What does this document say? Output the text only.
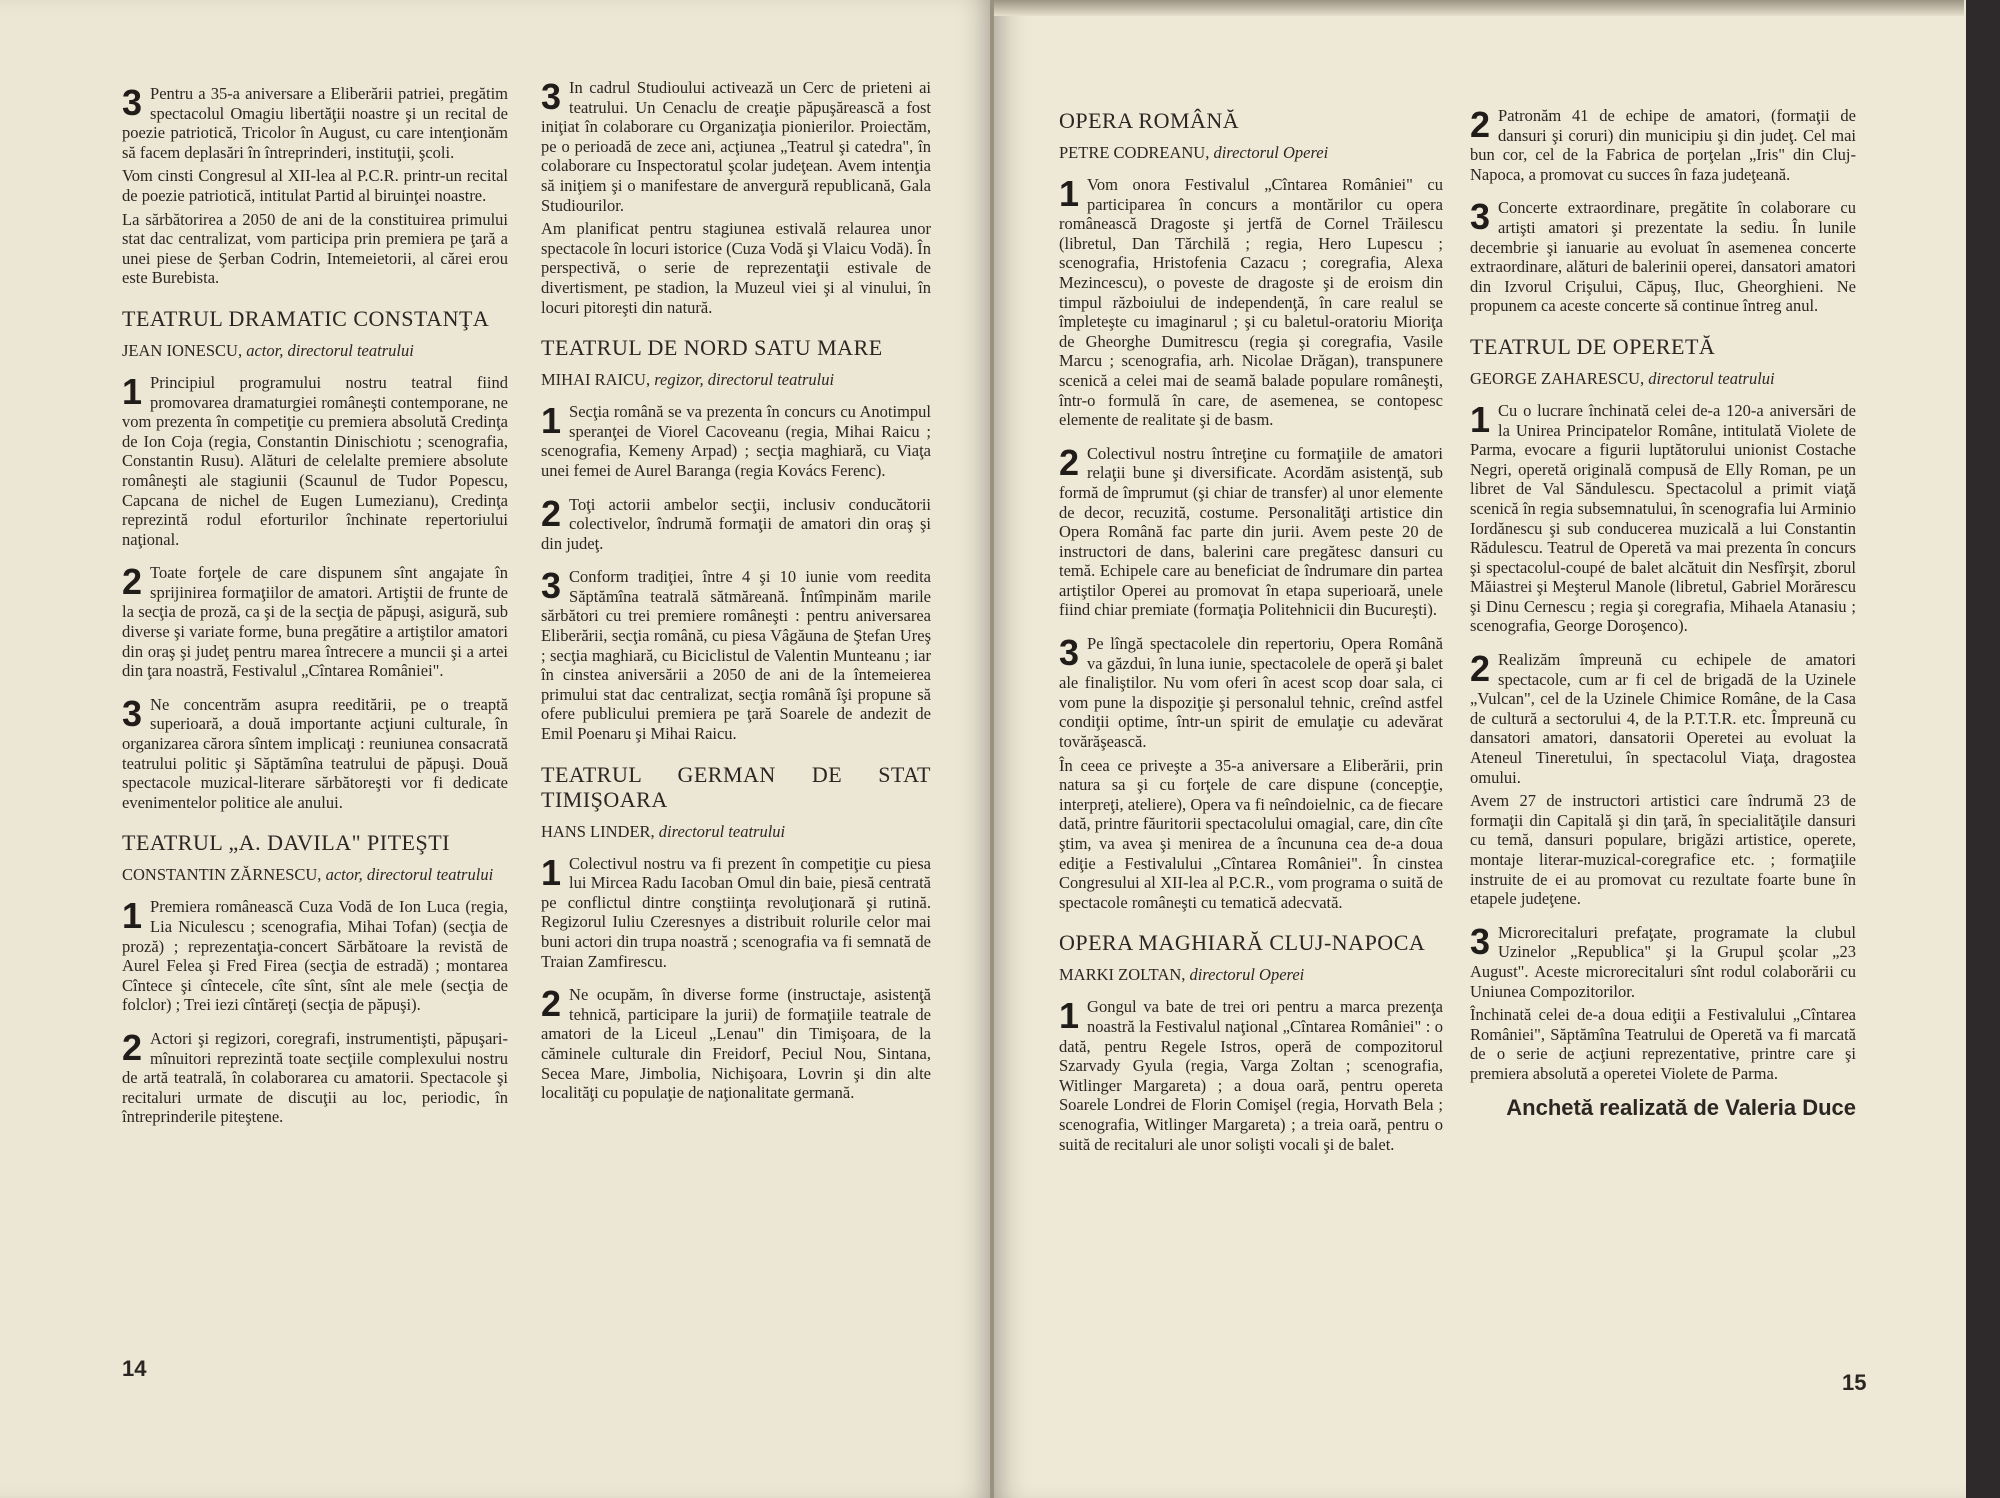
3 Pentru a 35-a aniversare a Eliberării patriei, pregătim spectacolul Omagiu libertăţii noastre şi un recital de poezie patriotică, Tricolor în August, cu care intenţionăm să facem deplasări în întreprinderi, instituţii, şcoli.

Vom cinsti Congresul al XII-lea al P.C.R. printr-un recital de poezie patriotică, intitulat Partid al biruinţei noastre.

La sărbătorirea a 2050 de ani de la constituirea primului stat dac centralizat, vom participa prin premiera pe ţară a unei piese de Şerban Codrin, Intemeietorii, al cărei erou este Burebista.

TEATRUL DRAMATIC CONSTANŢA
JEAN IONESCU, actor, directorul teatrului
1 Principiul programului nostru teatral fiind promovarea dramaturgiei româneşti contemporane, ne vom prezenta în competiţie cu premiera absolută Credinţa de Ion Coja (regia, Constantin Dinischiotu ; scenografia, Constantin Rusu). Alături de celelalte premiere absolute româneşti ale stagiunii (Scaunul de Tudor Popescu, Capcana de nichel de Eugen Lumezianu), Credinţa reprezintă rodul eforturilor închinate repertoriului naţional.

2 Toate forţele de care dispunem sînt angajate în sprijinirea formaţiilor de amatori. Artiştii de frunte de la secţia de proză, ca şi de la secţia de păpuşi, asigură, sub diverse şi variate forme, buna pregătire a artiştilor amatori din oraş şi judeţ pentru marea întrecere a muncii şi a artei din ţara noastră, Festivalul „Cîntarea României".

3 Ne concentrăm asupra reeditării, pe o treaptă superioară, a două importante acţiuni culturale, în organizarea cărora sîntem implicaţi : reuniunea consacrată teatrului politic şi Săptămîna teatrului de păpuşi. Două spectacole muzical-literare sărbătoreşti vor fi dedicate evenimentelor politice ale anului.

TEATRUL „A. DAVILA" PITEŞTI
CONSTANTIN ZĂRNESCU, actor, directorul teatrului
1 Premiera românească Cuza Vodă de Ion Luca (regia, Lia Niculescu ; scenografia, Mihai Tofan) (secţia de proză) ; reprezentaţia-concert Sărbătoare la revistă de Aurel Felea şi Fred Firea (secţia de estradă) ; montarea Cîntece şi cîntecele, cîte sînt, sînt ale mele (secţia de folclor) ; Trei iezi cîntăreţi (secţia de păpuşi).

2 Actori şi regizori, coregrafi, instrumentişti, păpuşari-mînuitori reprezintă toate secţiile complexului nostru de artă teatrală, în colaborarea cu amatorii. Spectacole şi recitaluri urmate de discuţii au loc, periodic, în întreprinderile piteştene.

3 In cadrul Studioului activează un Cerc de prieteni ai teatrului. Un Cenaclu de creaţie păpuşărească a fost iniţiat în colaborare cu Organizaţia pionierilor. Proiectăm, pe o perioadă de zece ani, acţiunea „Teatrul şi catedra", în colaborare cu Inspectoratul şcolar judeţean. Avem intenţia să iniţiem şi o manifestare de anvergură republicană, Gala Studiourilor.

Am planificat pentru stagiunea estivală relaurea unor spectacole în locuri istorice (Cuza Vodă şi Vlaicu Vodă). În perspectivă, o serie de reprezentaţii estivale de divertisment, pe stadion, la Muzeul viei şi al vinului, în locuri pitoreşti din natură.

TEATRUL DE NORD SATU MARE
MIHAI RAICU, regizor, directorul teatrului
1 Secţia română se va prezenta în concurs cu Anotimpul speranţei de Viorel Cacoveanu (regia, Mihai Raicu ; scenografia, Kemeny Arpad) ; secţia maghiară, cu Viaţa unei femei de Aurel Baranga (regia Kovács Ferenc).

2 Toţi actorii ambelor secţii, inclusiv conducătorii colectivelor, îndrumă formaţii de amatori din oraş şi din judeţ.

3 Conform tradiţiei, între 4 şi 10 iunie vom reedita Săptămîna teatrală sătmăreană. Întîmpinăm marile sărbători cu trei premiere româneşti : pentru aniversarea Eliberării, secţia română, cu piesa Vâgăuna de Ştefan Ureş ; secţia maghiară, cu Biciclistul de Valentin Munteanu ; iar în cinstea aniversării a 2050 de ani de la întemeierea primului stat dac centralizat, secţia română îşi propune să ofere publicului premiera pe ţară Soarele de andezit de Emil Poenaru şi Mihai Raicu.

TEATRUL GERMAN DE STAT TIMIŞOARA
HANS LINDER, directorul teatrului
1 Colectivul nostru va fi prezent în competiţie cu piesa lui Mircea Radu Iacoban Omul din baie, piesă centrată pe conflictul dintre conştiinţa revoluţionară şi rutină. Regizorul Iuliu Czeresnyes a distribuit rolurile celor mai buni actori din trupa noastră ; scenografia va fi semnată de Traian Zamfirescu.

2 Ne ocupăm, în diverse forme (instructaje, asistenţă tehnică, participare la jurii) de formaţiile teatrale de amatori de la Liceul „Lenau" din Timişoara, de la căminele culturale din Freidorf, Peciul Nou, Sintana, Secea Mare, Jimbolia, Nichişoara, Lovrin şi din alte localităţi cu populaţie de naţionalitate germană.

14
OPERA ROMÂNĂ
PETRE CODREANU, directorul Operei
1 Vom onora Festivalul „Cîntarea României" cu participarea în concurs a montărilor cu opera românească Dragoste şi jertfă de Cornel Trăilescu (libretul, Dan Tărchilă ; regia, Hero Lupescu ; scenografia, Hristofenia Cazacu ; coregrafia, Alexa Mezincescu), o poveste de dragoste şi de eroism din timpul războiului de independenţă, în care realul se împleteşte cu imaginarul ; şi cu baletul-oratoriu Mioriţa de Gheorghe Dumitrescu (regia şi coregrafia, Vasile Marcu ; scenografia, arh. Nicolae Drăgan), transpunere scenică a celei mai de seamă balade populare româneşti, într-o formulă în care, de asemenea, se contopesc elemente de realitate şi de basm.

2 Colectivul nostru întreţine cu formaţiile de amatori relaţii bune şi diversificate. Acordăm asistenţă, sub formă de împrumut (şi chiar de transfer) al unor elemente de decor, recuzită, costume. Personalităţi artistice din Opera Română fac parte din jurii. Avem peste 20 de instructori de dans, balerini care pregătesc dansuri cu temă. Echipele care au beneficiat de îndrumare din partea artiştilor Operei au promovat în etapa superioară, unele fiind chiar premiate (formaţia Politehnicii din Bucureşti).

3 Pe lîngă spectacolele din repertoriu, Opera Română va găzdui, în luna iunie, spectacolele de operă şi balet ale finaliştilor. Nu vom oferi în acest scop doar sala, ci vom pune la dispoziţie şi personalul tehnic, creînd astfel condiţii optime, într-un spirit de emulaţie cu adevărat tovărăşească.

În ceea ce priveşte a 35-a aniversare a Eliberării, prin natura sa şi cu forţele de care dispune (concepţie, interpreţi, ateliere), Opera va fi neîndoielnic, ca de fiecare dată, printre făuritorii spectacolului omagial, care, din cîte ştim, va avea şi menirea de a încununa cea de-a doua ediţie a Festivalului „Cîntarea României". În cinstea Congresului al XII-lea al P.C.R., vom programa o suită de spectacole româneşti cu tematică adecvată.

OPERA MAGHIARĂ CLUJ-NAPOCA
MARKI ZOLTAN, directorul Operei
1 Gongul va bate de trei ori pentru a marca prezenţa noastră la Festivalul naţional „Cîntarea României" : o dată, pentru Regele Istros, operă de compozitorul Szarvady Gyula (regia, Varga Zoltan ; scenografia, Witlinger Margareta) ; a doua oară, pentru opereta Soarele Londrei de Florin Comişel (regia, Horvath Bela ; scenografia, Witlinger Margareta) ; a treia oară, pentru o suită de recitaluri ale unor solişti vocali şi de balet.

2 Patronăm 41 de echipe de amatori, (formaţii de dansuri şi coruri) din municipiu şi din judeţ. Cel mai bun cor, cel de la Fabrica de porţelan „Iris" din Cluj-Napoca, a promovat cu succes în faza judeţeană.

3 Concerte extraordinare, pregătite în colaborare cu artişti amatori şi prezentate la sediu. În lunile decembrie şi ianuarie au evoluat în asemenea concerte extraordinare, alături de balerinii operei, dansatori amatori din Izvorul Crişului, Căpuş, Iluc, Gheorghieni. Ne propunem ca aceste concerte să continue întreg anul.

TEATRUL DE OPERETĂ
GEORGE ZAHARESCU, directorul teatrului
1 Cu o lucrare închinată celei de-a 120-a aniversări de la Unirea Principatelor Române, intitulată Violete de Parma, evocare a figurii luptătorului unionist Costache Negri, operetă originală compusă de Elly Roman, pe un libret de Val Săndulescu. Spectacolul a primit viaţă scenică în regia subsemnatului, în scenografia lui Arminio Iordănescu şi sub conducerea muzicală a lui Constantin Rădulescu. Teatrul de Operetă va mai prezenta în concurs şi spectacolul-coupé de balet alcătuit din Nesfîrşit, zborul Măiastrei şi Meşterul Manole (libretul, Gabriel Morărescu şi Dinu Cernescu ; regia şi coregrafia, Mihaela Atanasiu ; scenografia, George Doroşenco).

2 Realizăm împreună cu echipele de amatori spectacole, cum ar fi cel de brigadă de la Uzinele „Vulcan", cel de la Uzinele Chimice Române, de la Casa de cultură a sectorului 4, de la P.T.T.R. etc. Împreună cu dansatori amatori, dansatorii Operetei au evoluat la Ateneul Tineretului, în spectacolul Viaţa, dragostea omului.

Avem 27 de instructori artistici care îndrumă 23 de formaţii din Capitală şi din ţară, în specialităţile dansuri cu temă, dansuri populare, brigăzi artistice, operete, montaje literar-muzical-coregrafice etc. ; formaţiile instruite de ei au promovat cu rezultate foarte bune în etapele judeţene.

3 Microrecitaluri prefaţate, programate la clubul Uzinelor „Republica" şi la Grupul şcolar „23 August". Aceste microrecitaluri sînt rodul colaborării cu Uniunea Compozitorilor.

Închinată celei de-a doua ediţii a Festivalului „Cîntarea României", Săptămîna Teatrului de Operetă va fi marcată de o serie de acţiuni reprezentative, printre care şi premiera absolută a operetei Violete de Parma.

Anchetă realizată de Valeria Duce
15
